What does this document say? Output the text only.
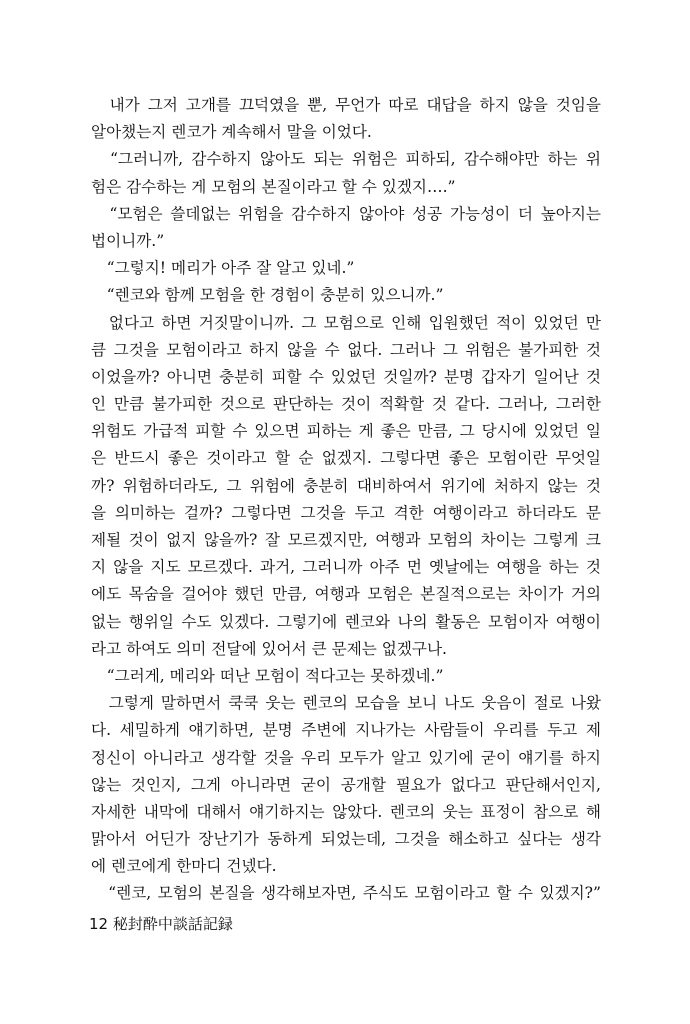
　내가 그저 고개를 끄덕였을 뿐, 무언가 따로 대답을 하지 않을 것임을
알아챘는지 렌코가 계속해서 말을 이었다.
　“그러니까, 감수하지 않아도 되는 위험은 피하되, 감수해야만 하는 위
험은 감수하는 게 모험의 본질이라고 할 수 있겠지….”
　“모험은 쓸데없는 위험을 감수하지 않아야 성공 가능성이 더 높아지는
법이니까.”
　“그렇지! 메리가 아주 잘 알고 있네.”
　“렌코와 함께 모험을 한 경험이 충분히 있으니까.”
　없다고 하면 거짓말이니까. 그 모험으로 인해 입원했던 적이 있었던 만
큼 그것을 모험이라고 하지 않을 수 없다. 그러나 그 위험은 불가피한 것
이었을까? 아니면 충분히 피할 수 있었던 것일까? 분명 갑자기 일어난 것
인 만큼 불가피한 것으로 판단하는 것이 적확할 것 같다. 그러나, 그러한
위험도 가급적 피할 수 있으면 피하는 게 좋은 만큼, 그 당시에 있었던 일
은 반드시 좋은 것이라고 할 순 없겠지. 그렇다면 좋은 모험이란 무엇일
까? 위험하더라도, 그 위험에 충분히 대비하여서 위기에 처하지 않는 것
을 의미하는 걸까? 그렇다면 그것을 두고 격한 여행이라고 하더라도 문
제될 것이 없지 않을까? 잘 모르겠지만, 여행과 모험의 차이는 그렇게 크
지 않을 지도 모르겠다. 과거, 그러니까 아주 먼 옛날에는 여행을 하는 것
에도 목숨을 걸어야 했던 만큼, 여행과 모험은 본질적으로는 차이가 거의
없는 행위일 수도 있겠다. 그렇기에 렌코와 나의 활동은 모험이자 여행이
라고 하여도 의미 전달에 있어서 큰 문제는 없겠구나.
　“그러게, 메리와 떠난 모험이 적다고는 못하겠네.”
　그렇게 말하면서 쿡쿡 웃는 렌코의 모습을 보니 나도 웃음이 절로 나왔
다. 세밀하게 얘기하면, 분명 주변에 지나가는 사람들이 우리를 두고 제
정신이 아니라고 생각할 것을 우리 모두가 알고 있기에 굳이 얘기를 하지
않는 것인지, 그게 아니라면 굳이 공개할 필요가 없다고 판단해서인지,
자세한 내막에 대해서 얘기하지는 않았다. 렌코의 웃는 표정이 참으로 해
맑아서 어딘가 장난기가 동하게 되었는데, 그것을 해소하고 싶다는 생각
에 렌코에게 한마디 건넸다.
　“렌코, 모험의 본질을 생각해보자면, 주식도 모험이라고 할 수 있겠지?”
12 秘封酔中談話記録
